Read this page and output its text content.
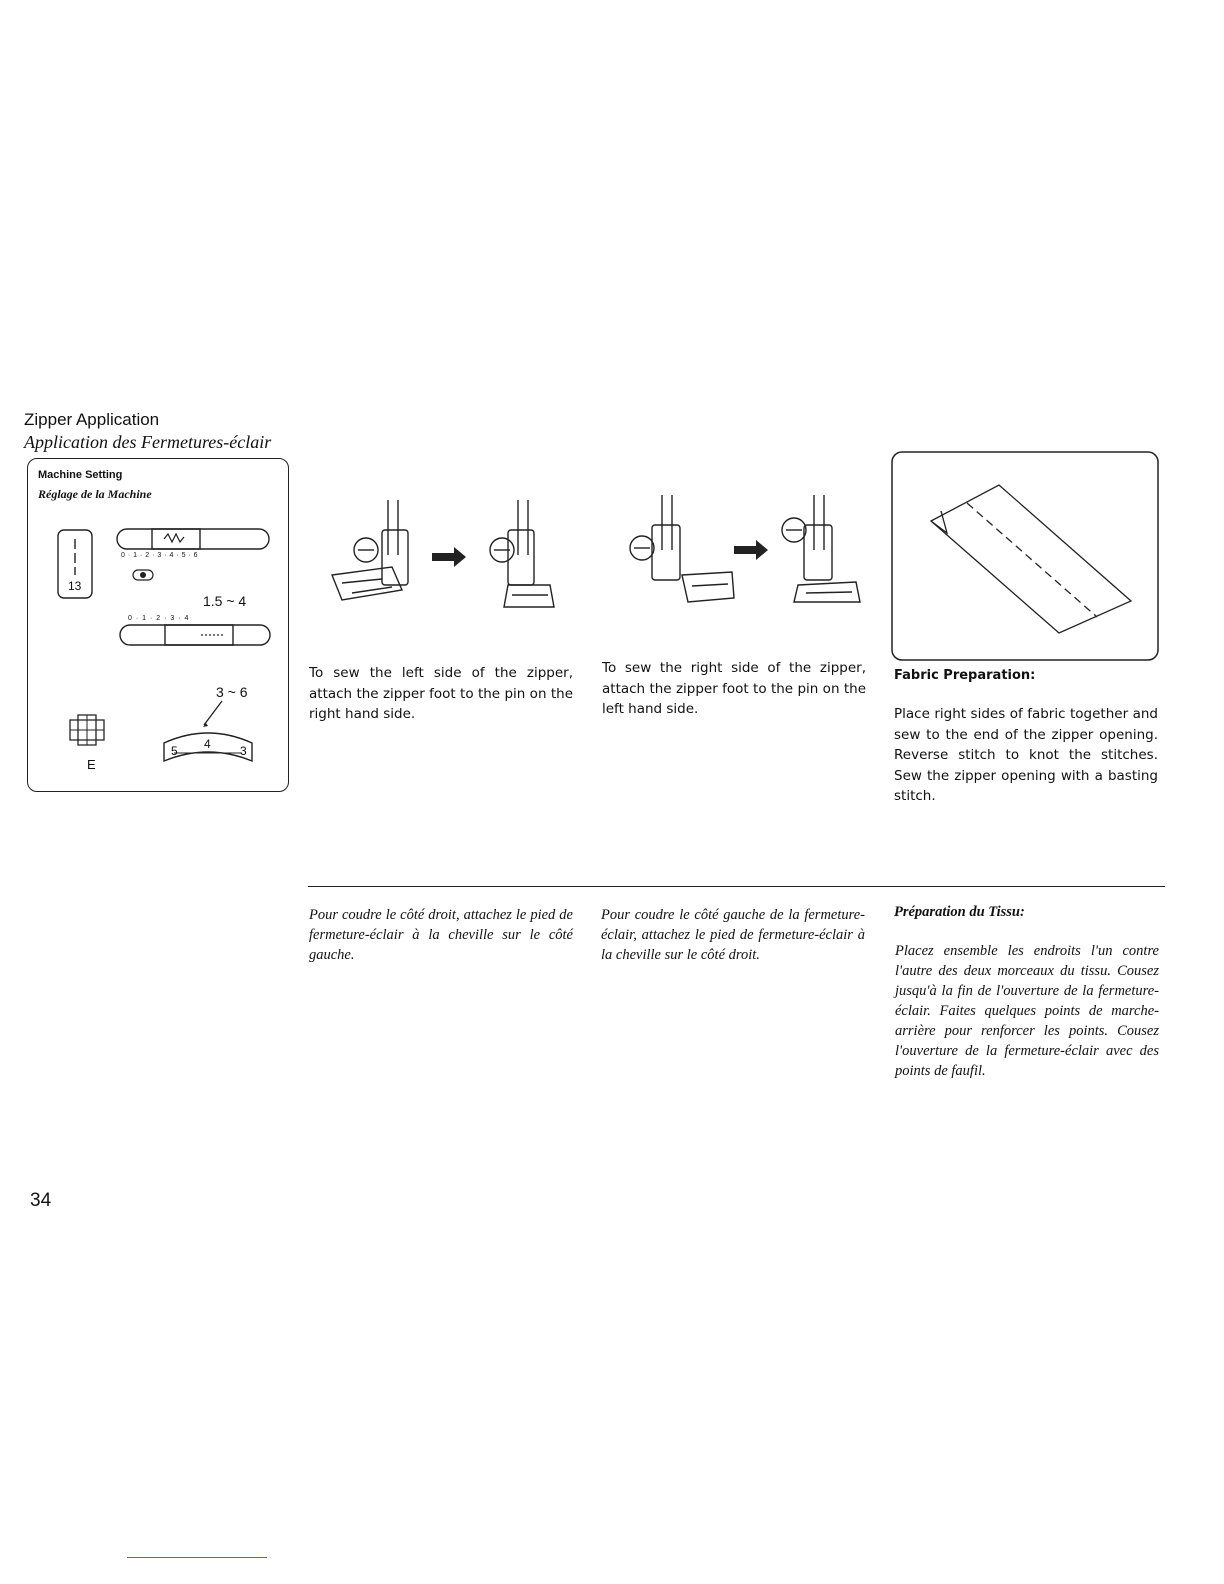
Zipper Application
Application des Fermetures-éclair
Machine Setting
Réglage de la Machine
13
0 · 1 · 2 · 3 · 4 · 5 · 6
1.5 ~ 4
0 · 1 · 2 · 3 · 4
3 ~ 6
E
5 4 3
To sew the left side of the zipper, attach the zipper foot to the pin on the right hand side.
Pour coudre le côté droit, attachez le pied de fermeture-éclair à la cheville sur le côté gauche.
To sew the right side of the zipper, attach the zipper foot to the pin on the left hand side.
Pour coudre le côté gauche de la fermeture-éclair, attachez le pied de fermeture-éclair à la cheville sur le côté droit.
Fabric Preparation:
Place right sides of fabric together and sew to the end of the zipper opening. Reverse stitch to knot the stitches. Sew the zipper opening with a basting stitch.
Préparation du Tissu:
Placez ensemble les endroits l'un contre l'autre des deux morceaux du tissu. Cousez jusqu'à la fin de l'ouverture de la fermeture-éclair. Faites quelques points de marche-arrière pour renforcer les points. Cousez l'ouverture de la fermeture-éclair avec des points de faufil.
34
